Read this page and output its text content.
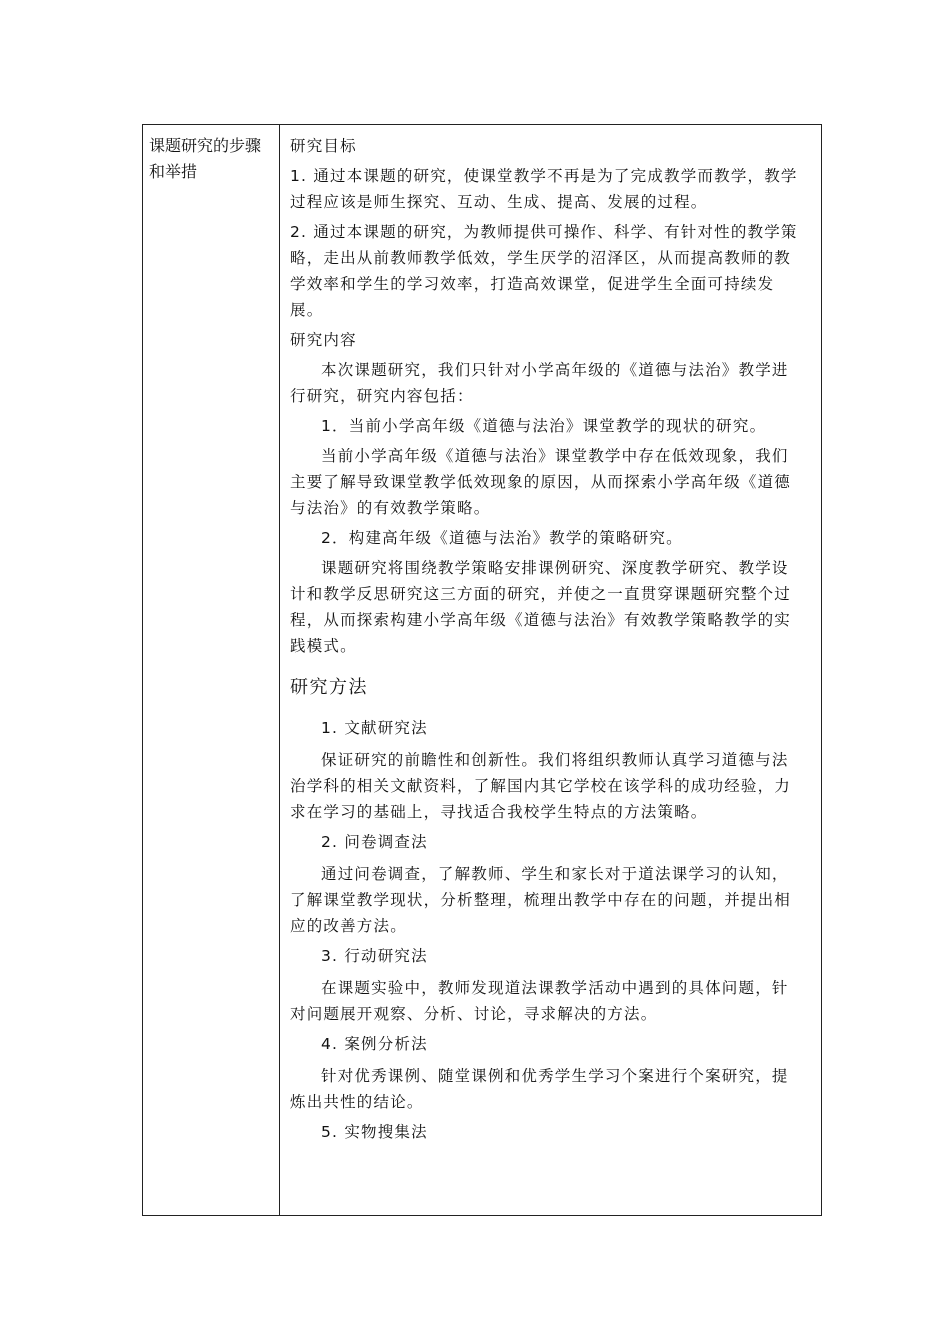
课题研究的步骤和举措

研究目标

1. 通过本课题的研究，使课堂教学不再是为了完成教学而教学，教学过程应该是师生探究、互动、生成、提高、发展的过程。

2. 通过本课题的研究，为教师提供可操作、科学、有针对性的教学策略，走出从前教师教学低效，学生厌学的沼泽区，从而提高教师的教学效率和学生的学习效率，打造高效课堂，促进学生全面可持续发展。

研究内容

本次课题研究，我们只针对小学高年级的《道德与法治》教学进行研究，研究内容包括：

1．当前小学高年级《道德与法治》课堂教学的现状的研究。

当前小学高年级《道德与法治》课堂教学中存在低效现象，我们主要了解导致课堂教学低效现象的原因，从而探索小学高年级《道德与法治》的有效教学策略。

2．构建高年级《道德与法治》教学的策略研究。

课题研究将围绕教学策略安排课例研究、深度教学研究、教学设计和教学反思研究这三方面的研究，并使之一直贯穿课题研究整个过程，从而探索构建小学高年级《道德与法治》有效教学策略教学的实践模式。

研究方法

1. 文献研究法

保证研究的前瞻性和创新性。我们将组织教师认真学习道德与法治学科的相关文献资料，了解国内其它学校在该学科的成功经验，力求在学习的基础上，寻找适合我校学生特点的方法策略。

2. 问卷调查法

通过问卷调查，了解教师、学生和家长对于道法课学习的认知，了解课堂教学现状，分析整理，梳理出教学中存在的问题，并提出相应的改善方法。

3. 行动研究法

在课题实验中，教师发现道法课教学活动中遇到的具体问题，针对问题展开观察、分析、讨论，寻求解决的方法。

4. 案例分析法

针对优秀课例、随堂课例和优秀学生学习个案进行个案研究，提炼出共性的结论。

5. 实物搜集法
